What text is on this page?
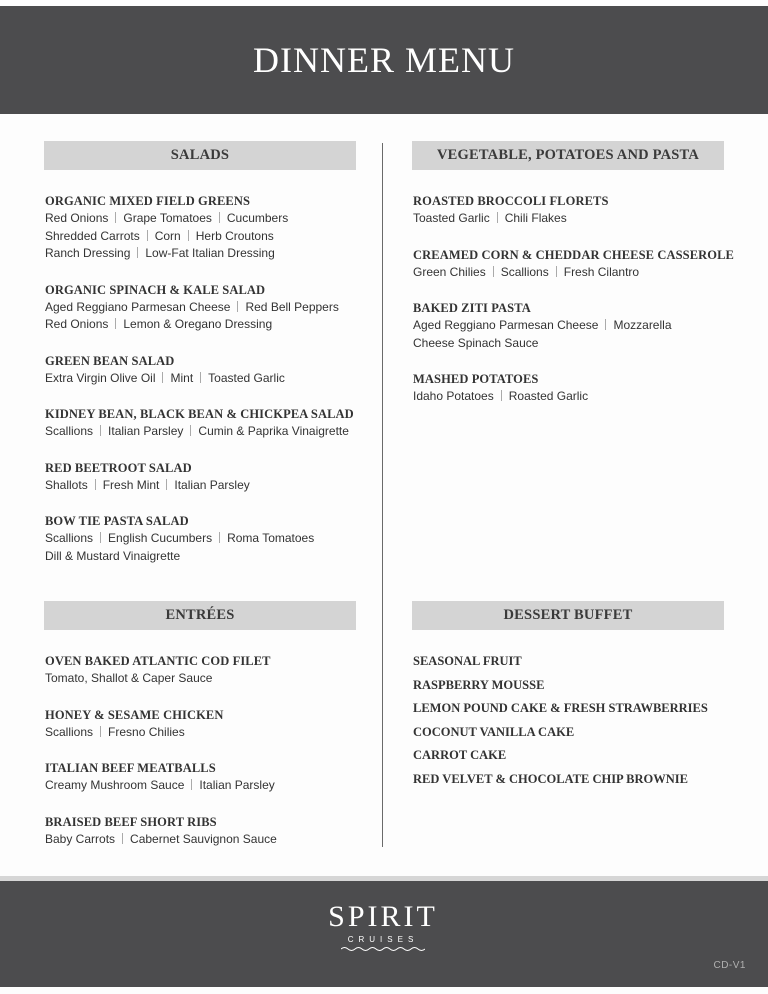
DINNER MENU
SALADS
ORGANIC MIXED FIELD GREENS
Red Onions Grape Tomatoes Cucumbers
Shredded Carrots Corn Herb Croutons
Ranch Dressing Low-Fat Italian Dressing
ORGANIC SPINACH & KALE SALAD
Aged Reggiano Parmesan Cheese Red Bell Peppers
Red Onions Lemon & Oregano Dressing
GREEN BEAN SALAD
Extra Virgin Olive Oil Mint Toasted Garlic
KIDNEY BEAN, BLACK BEAN & CHICKPEA SALAD
Scallions Italian Parsley Cumin & Paprika Vinaigrette
RED BEETROOT SALAD
Shallots Fresh Mint Italian Parsley
BOW TIE PASTA SALAD
Scallions English Cucumbers Roma Tomatoes
Dill & Mustard Vinaigrette
VEGETABLE, POTATOES AND PASTA
ROASTED BROCCOLI FLORETS
Toasted Garlic Chili Flakes
CREAMED CORN & CHEDDAR CHEESE CASSEROLE
Green Chilies Scallions Fresh Cilantro
BAKED ZITI PASTA
Aged Reggiano Parmesan Cheese Mozzarella
Cheese Spinach Sauce
MASHED POTATOES
Idaho Potatoes Roasted Garlic
ENTRÉES
OVEN BAKED ATLANTIC COD FILET
Tomato, Shallot & Caper Sauce
HONEY & SESAME CHICKEN
Scallions Fresno Chilies
ITALIAN BEEF MEATBALLS
Creamy Mushroom Sauce Italian Parsley
BRAISED BEEF SHORT RIBS
Baby Carrots Cabernet Sauvignon Sauce
DESSERT BUFFET
SEASONAL FRUIT
RASPBERRY MOUSSE
LEMON POUND CAKE & FRESH STRAWBERRIES
COCONUT VANILLA CAKE
CARROT CAKE
RED VELVET & CHOCOLATE CHIP BROWNIE
SPIRIT
CRUISES
CD-V1
